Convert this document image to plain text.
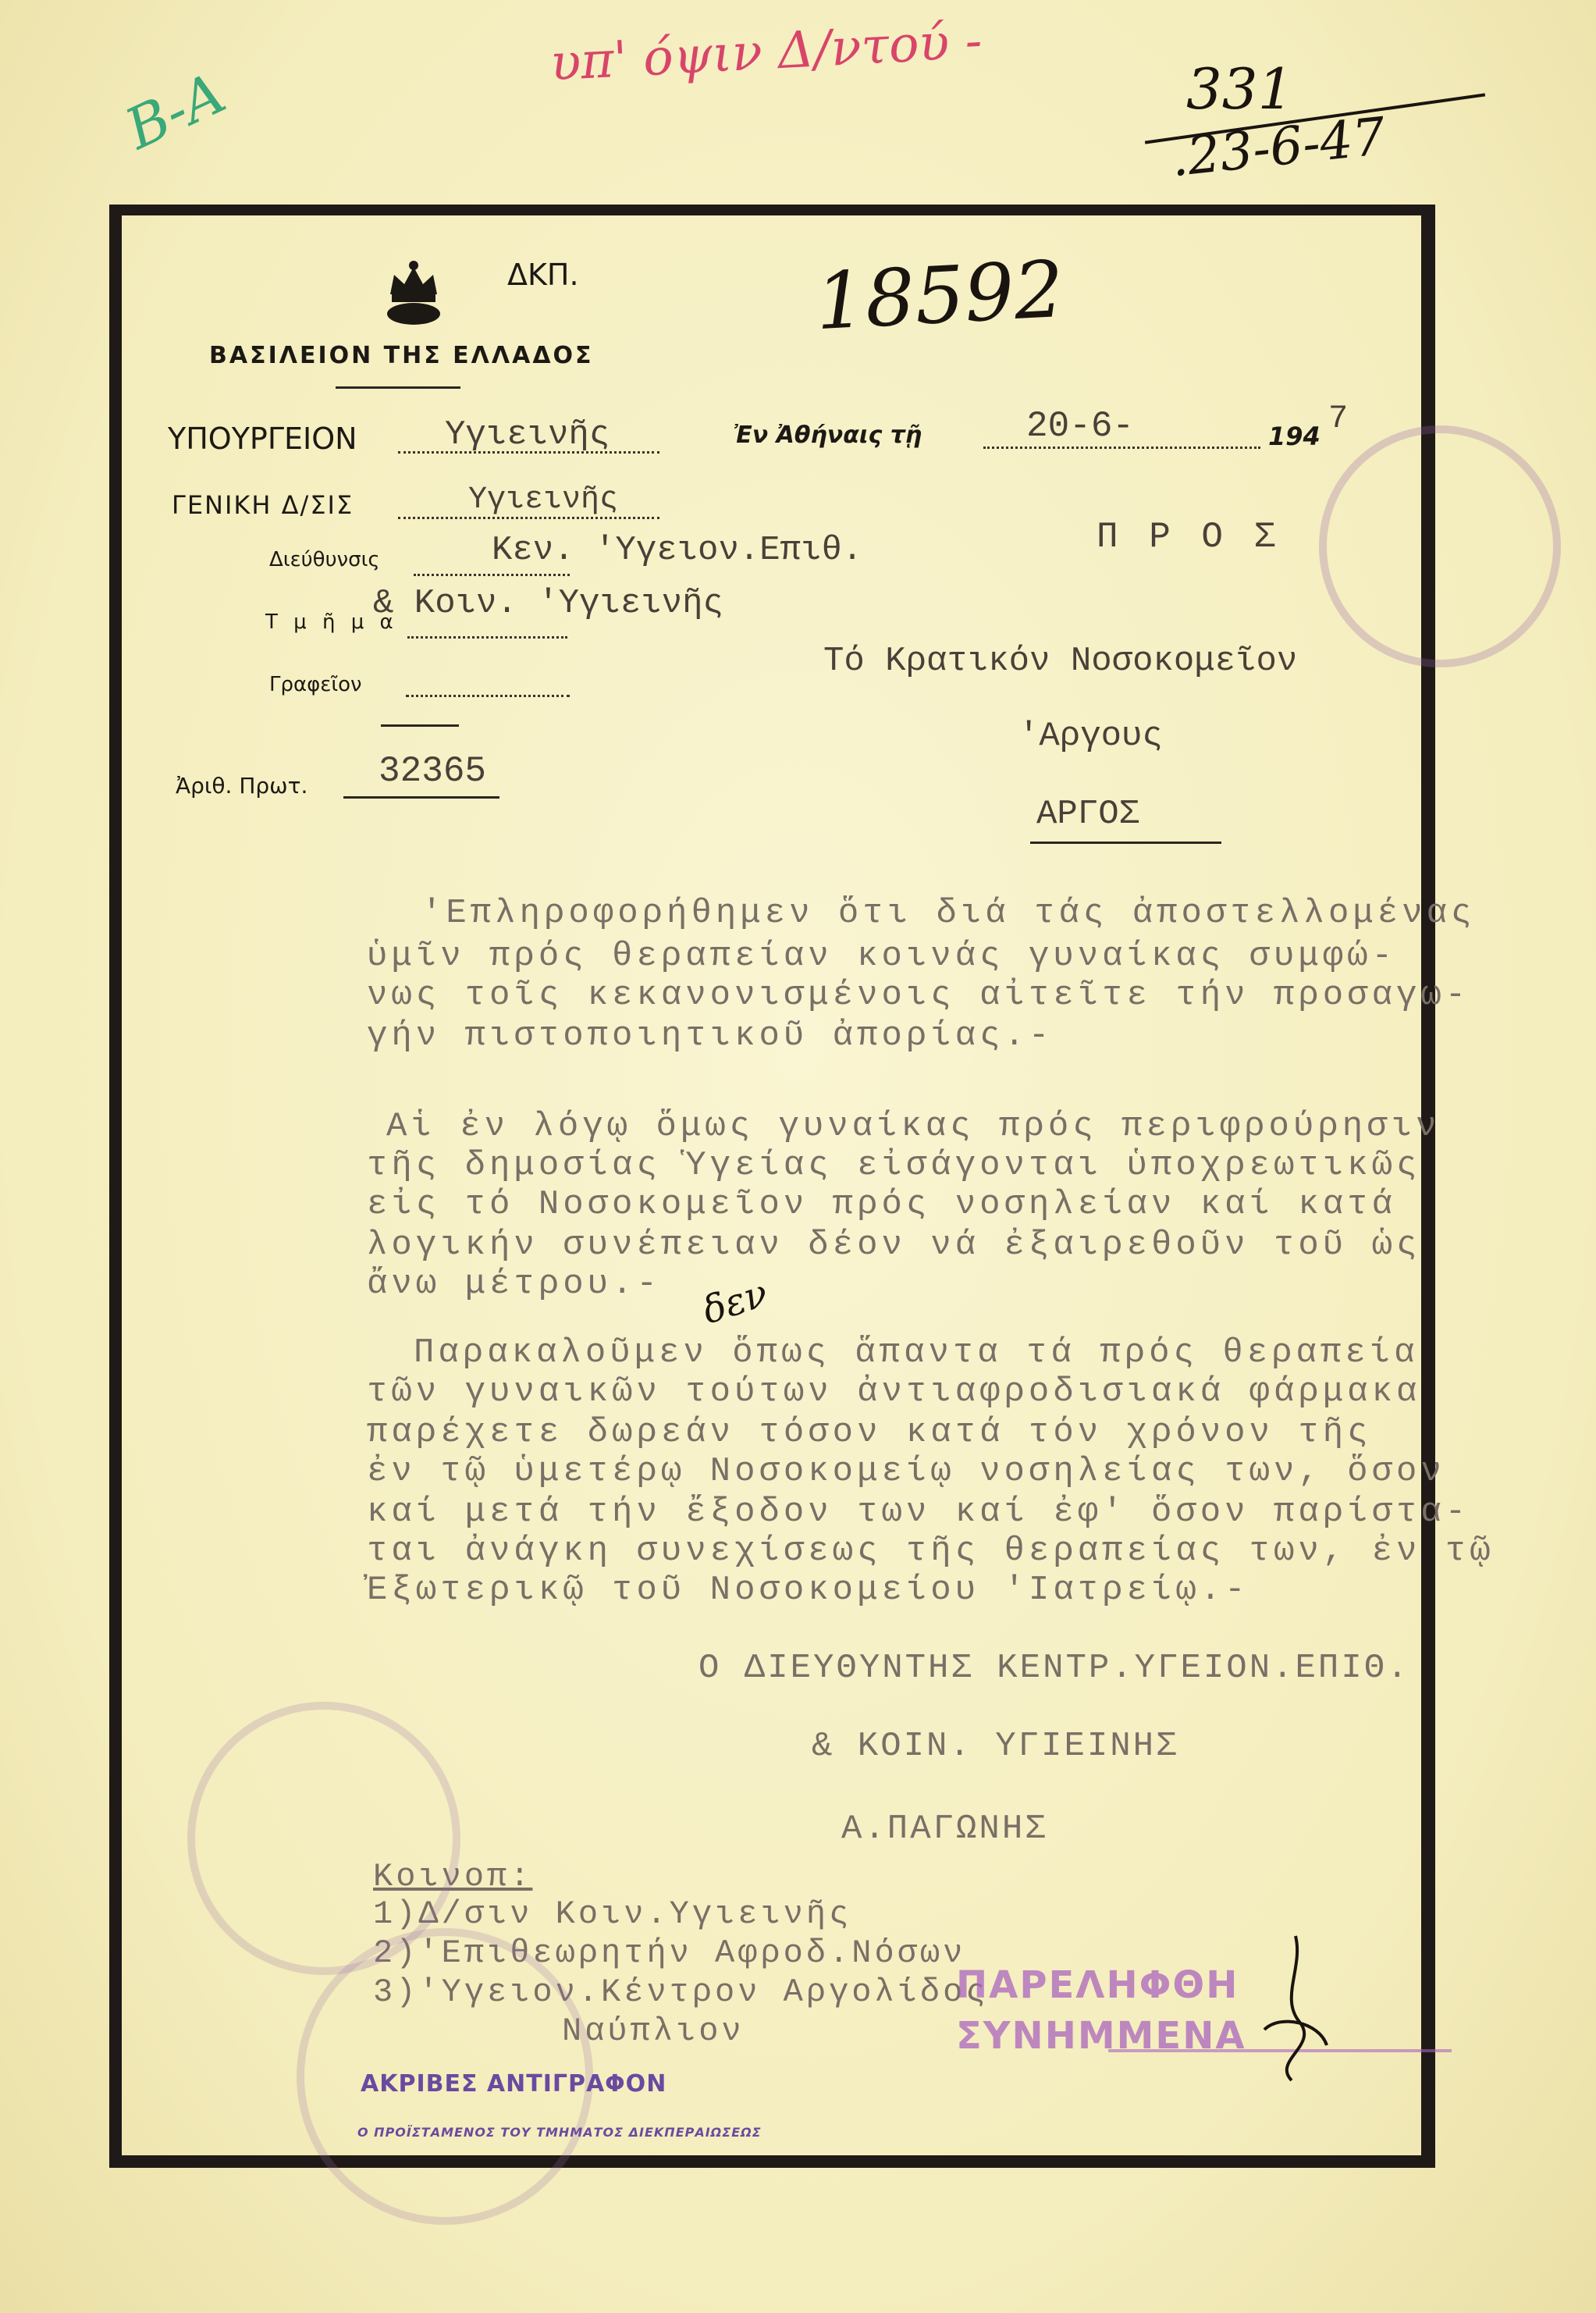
υπ' όψιν Δ/ντού -	331
.23-6-47
Β-Α
ΔΚΠ.
ΒΑΣΙΛΕΙΟΝ ΤΗΣ ΕΛΛΑΔΟΣ
18592
ΥΠΟΥΡΓΕΙΟΝ	Υγιεινῆς	Ἐν Ἀθήναις τῇ	20-6-	194 7
ΓΕΝΙΚΗ Δ/ΣΙΣ	Υγιεινῆς
Διεύθυνσις	Κεν. 'Υγειον.Επιθ.	Π Ρ Ο Σ
Τ μ ῆ μ α
& Κοιν. 'Υγιεινῆς
Τό Κρατικόν Νοσοκομεῖον
Γραφεῖον
'Αργους
Ἀριθ. Πρωτ. 32365
ΑΡΓΟΣ
'Επληροφορήθημεν ὅτι διά τάς ἀποστελλομένας
ὑμῖν πρός θεραπείαν κοινάς γυναίκας συμφώ-
νως τοῖς κεκανονισμένοις αἰτεῖτε τήν προσαγω-
γήν πιστοποιητικοῦ ἀπορίας.-
Αἱ ἐν λόγῳ ὅμως γυναίκας πρός περιφρούρησιν
τῆς δημοσίας Ὑγείας εἰσάγονται ὑποχρεωτικῶς
εἰς τό Νοσοκομεῖον πρός νοσηλείαν καί κατά
λογικήν συνέπειαν δέον νά ἐξαιρεθοῦν τοῦ ὡς
ἄνω μέτρου.- δεν
Παρακαλοῦμεν ὅπως ἅπαντα τά πρός θεραπεία
τῶν γυναικῶν τούτων ἀντιαφροδισιακά φάρμακα
παρέχετε δωρεάν τόσον κατά τόν χρόνον τῆς
ἐν τῷ ὑμετέρῳ Νοσοκομείῳ νοσηλείας των, ὅσον
καί μετά τήν ἔξοδον των καί ἐφ' ὅσον παρίστα-
ται ἀνάγκη συνεχίσεως τῆς θεραπείας των, ἐν τῷ
Ἐξωτερικῷ τοῦ Νοσοκομείου 'Ιατρείῳ.-
Ο ΔΙΕΥΘΥΝΤΗΣ ΚΕΝΤΡ.ΥΓΕΙΟΝ.ΕΠΙΘ.
& ΚΟΙΝ. ΥΓΙΕΙΝΗΣ
Α.ΠΑΓΩΝΗΣ
Κοινοπ:
1)Δ/σιν Κοιν.Υγιεινῆς
2)'Επιθεωρητήν Αφροδ.Νόσων
3)'Υγειον.Κέντρον Αργολίδος
Ναύπλιον
ΠΑΡΕΛΗΦΘΗ
ΣΥΝΗΜΜΕΝΑ
ΑΚΡΙΒΕΣ ΑΝΤΙΓΡΑΦΟΝ
Ο ΠΡΟΪΣΤΑΜΕΝΟΣ ΤΟΥ ΤΜΗΜΑΤΟΣ ΔΙΕΚΠΕΡΑΙΩΣΕΩΣ
